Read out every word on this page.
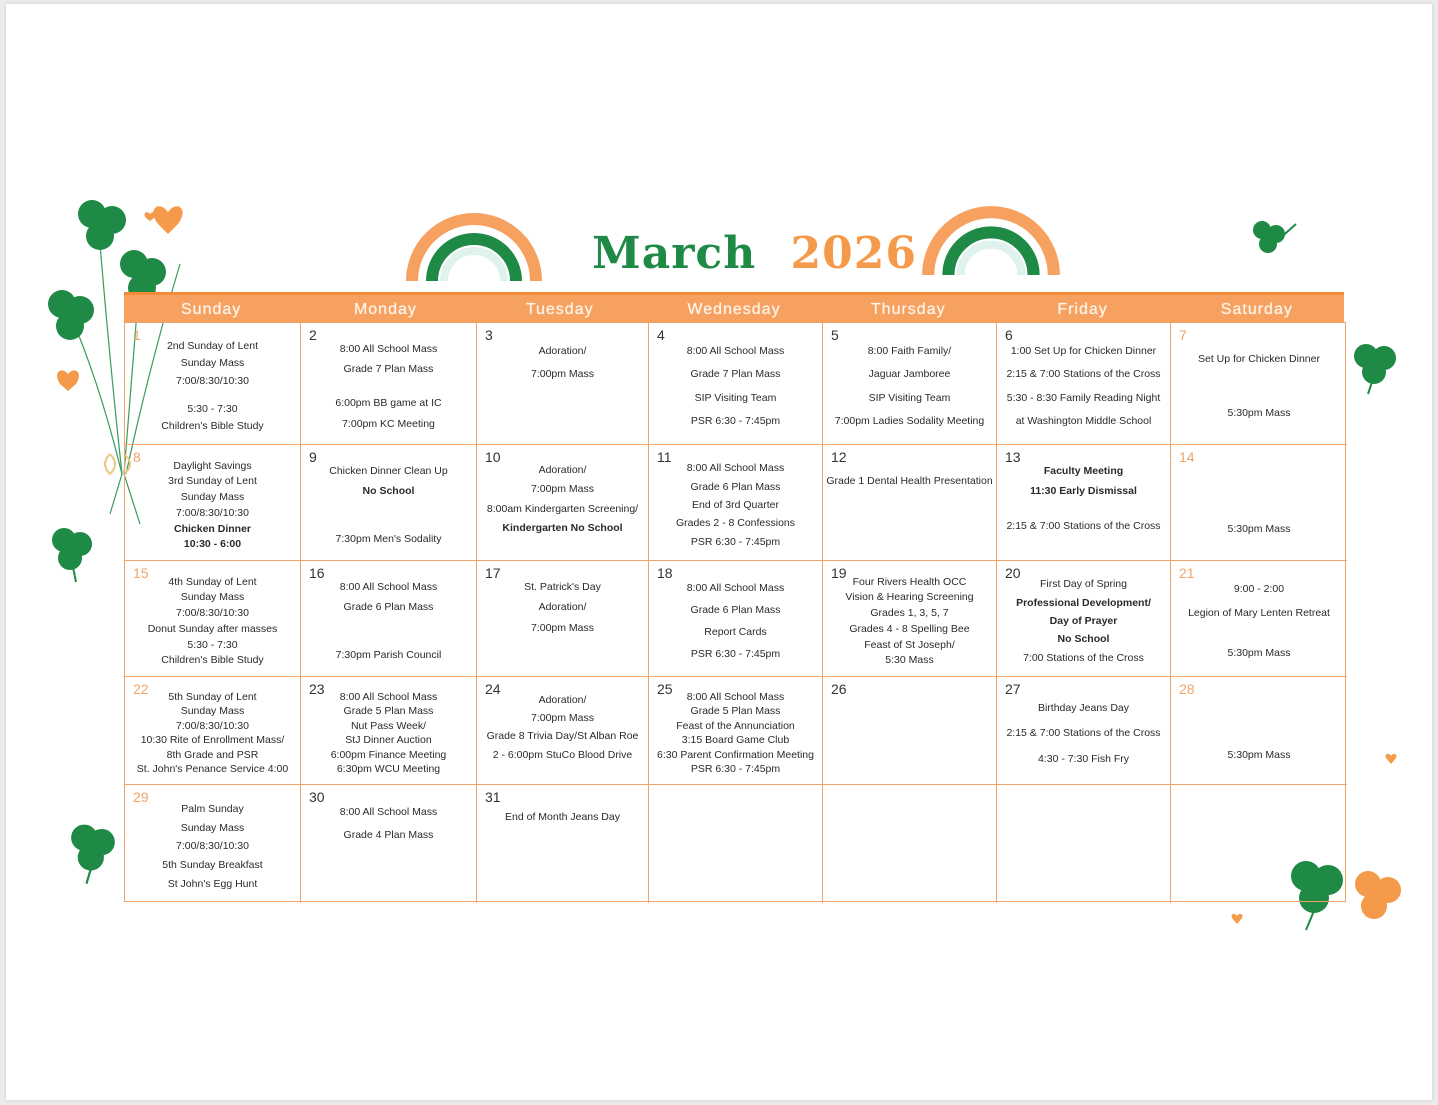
March 2026
Sunday	Monday	Tuesday	Wednesday	Thursday	Friday	Saturday
1
2nd Sunday of Lent
Sunday Mass
7:00/8:30/10:30
5:30 - 7:30
Children's Bible Study
2
8:00 All School Mass
Grade 7 Plan Mass
6:00pm BB game at IC
7:00pm KC Meeting
3
Adoration/
7:00pm Mass
4
8:00 All School Mass
Grade 7 Plan Mass
SIP Visiting Team
PSR 6:30 - 7:45pm
5
8:00 Faith Family/
Jaguar Jamboree
SIP Visiting Team
7:00pm Ladies Sodality Meeting
6
1:00 Set Up for Chicken Dinner
2:15 & 7:00 Stations of the Cross
5:30 - 8:30 Family Reading Night
at Washington Middle School
7
Set Up for Chicken Dinner
5:30pm Mass
8
Daylight Savings
3rd Sunday of Lent
Sunday Mass
7:00/8:30/10:30
Chicken Dinner
10:30 - 6:00
9
Chicken Dinner Clean Up
No School
7:30pm Men's Sodality
10
Adoration/
7:00pm Mass
8:00am Kindergarten Screening/
Kindergarten No School
11
8:00 All School Mass
Grade 6 Plan Mass
End of 3rd Quarter
Grades 2 - 8 Confessions
PSR 6:30 - 7:45pm
12
Grade 1 Dental Health Presentation
13
Faculty Meeting
11:30 Early Dismissal
2:15 & 7:00 Stations of the Cross
14
5:30pm Mass
15
4th Sunday of Lent
Sunday Mass
7:00/8:30/10:30
Donut Sunday after masses
5:30 - 7:30
Children's Bible Study
16
8:00 All School Mass
Grade 6 Plan Mass
7:30pm Parish Council
17
St. Patrick's Day
Adoration/
7:00pm Mass
18
8:00 All School Mass
Grade 6 Plan Mass
Report Cards
PSR 6:30 - 7:45pm
19
Four Rivers Health OCC
Vision & Hearing Screening
Grades 1, 3, 5, 7
Grades 4 - 8 Spelling Bee
Feast of St Joseph/
5:30 Mass
20
First Day of Spring
Professional Development/
Day of Prayer
No School
7:00 Stations of the Cross
21
9:00 - 2:00
Legion of Mary Lenten Retreat
5:30pm Mass
22 5th Sunday of Lent
Sunday Mass
7:00/8:30/10:30
10:30 Rite of Enrollment Mass/
8th Grade and PSR
St. John's Penance Service 4:00
23 8:00 All School Mass
Grade 5 Plan Mass
Nut Pass Week/
StJ Dinner Auction
6:00pm Finance Meeting
6:30pm WCU Meeting
24
Adoration/
7:00pm Mass
Grade 8 Trivia Day/St Alban Roe
2 - 6:00pm StuCo Blood Drive
25 8:00 All School Mass
Grade 5 Plan Mass
Feast of the Annunciation
3:15 Board Game Club
6:30 Parent Confirmation Meeting
PSR 6:30 - 7:45pm
26	27
Birthday Jeans Day
2:15 & 7:00 Stations of the Cross
4:30 - 7:30 Fish Fry
28
5:30pm Mass
29
Palm Sunday
Sunday Mass
7:00/8:30/10:30
5th Sunday Breakfast
St John's Egg Hunt
30
8:00 All School Mass
Grade 4 Plan Mass
31
End of Month Jeans Day
